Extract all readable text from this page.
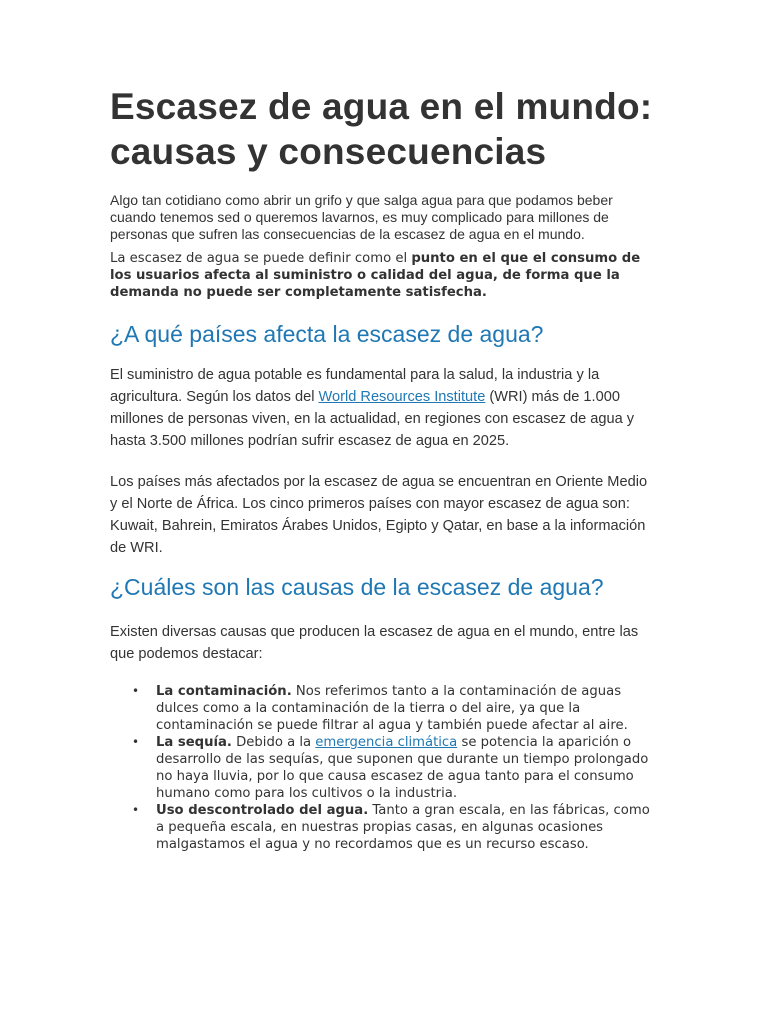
Escasez de agua en el mundo: causas y consecuencias

Algo tan cotidiano como abrir un grifo y que salga agua para que podamos beber cuando tenemos sed o queremos lavarnos, es muy complicado para millones de personas que sufren las consecuencias de la escasez de agua en el mundo.

La escasez de agua se puede definir como el punto en el que el consumo de los usuarios afecta al suministro o calidad del agua, de forma que la demanda no puede ser completamente satisfecha.

¿A qué países afecta la escasez de agua?

El suministro de agua potable es fundamental para la salud, la industria y la agricultura. Según los datos del World Resources Institute (WRI) más de 1.000 millones de personas viven, en la actualidad, en regiones con escasez de agua y hasta 3.500 millones podrían sufrir escasez de agua en 2025.

Los países más afectados por la escasez de agua se encuentran en Oriente Medio y el Norte de África. Los cinco primeros países con mayor escasez de agua son: Kuwait, Bahrein, Emiratos Árabes Unidos, Egipto y Qatar, en base a la información de WRI.

¿Cuáles son las causas de la escasez de agua?

Existen diversas causas que producen la escasez de agua en el mundo, entre las que podemos destacar:

• La contaminación. Nos referimos tanto a la contaminación de aguas dulces como a la contaminación de la tierra o del aire, ya que la contaminación se puede filtrar al agua y también puede afectar al aire.
• La sequía. Debido a la emergencia climática se potencia la aparición o desarrollo de las sequías, que suponen que durante un tiempo prolongado no haya lluvia, por lo que causa escasez de agua tanto para el consumo humano como para los cultivos o la industria.
• Uso descontrolado del agua. Tanto a gran escala, en las fábricas, como a pequeña escala, en nuestras propias casas, en algunas ocasiones malgastamos el agua y no recordamos que es un recurso escaso.
